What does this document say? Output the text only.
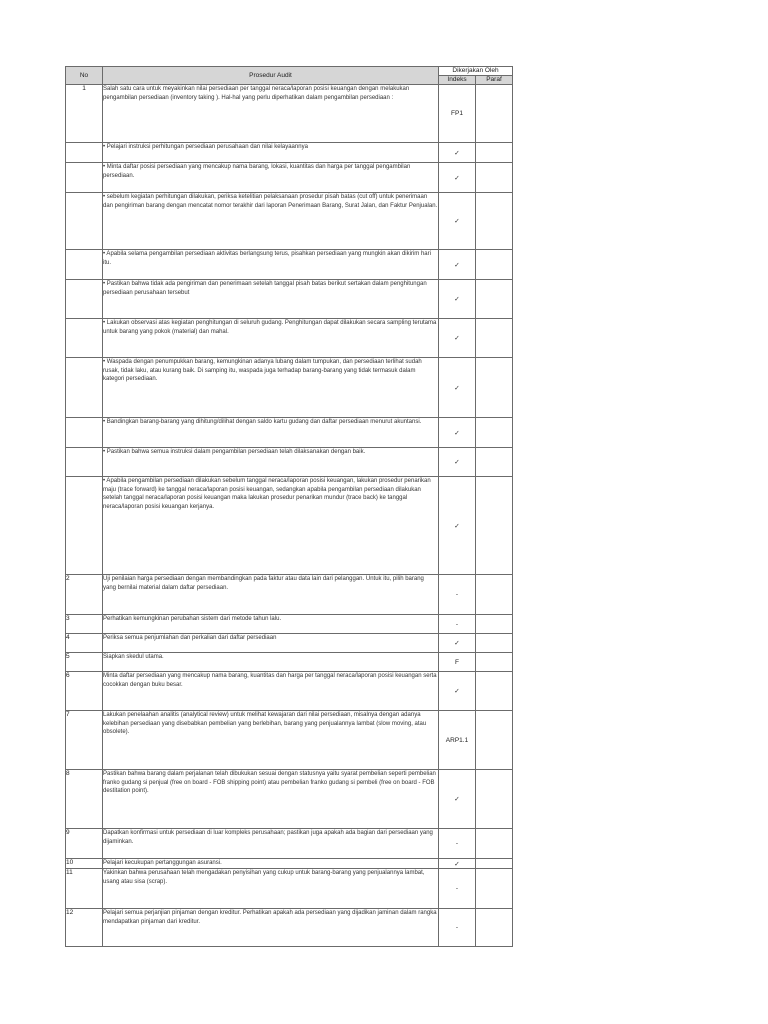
No	Prosedur Audit	Dikerjakan Oleh	
		Indeks	Paraf
1	Salah satu cara untuk meyakinkan nilai persediaan per tanggal neraca/laporan posisi keuangan dengan melakukan pengambilan persediaan (inventory taking ). Hal-hal yang perlu diperhatikan dalam pengambilan persediaan :	FP1	
	• Pelajari instruksi perhitungan persediaan perusahaan dan nilai kelayaannya	✓	
	• Minta daftar posisi persediaan yang mencakup nama barang, lokasi, kuantitas dan harga per tanggal pengambilan persediaan.	✓	
	• sebelum kegiatan perhitungan dilakukan, periksa ketelitian pelaksanaan prosedur pisah batas (cut off) untuk penerimaan dan pengiriman barang dengan mencatat nomor terakhir dari laporan Penerimaan Barang, Surat Jalan, dan Faktur Penjualan.	✓	
	• Apabila selama pengambilan persediaan aktivitas berlangsung terus, pisahkan persediaan yang mungkin akan dikirim hari itu.	✓	
	• Pastikan bahwa tidak ada pengiriman dan penerimaan setelah tanggal pisah batas berikut sertakan dalam penghitungan persediaan perusahaan tersebut	✓	
	• Lakukan observasi atas kegiatan penghitungan di seluruh gudang. Penghitungan dapat dilakukan secara sampling terutama untuk barang yang pokok (material) dan mahal.	✓	
	• Waspada dengan penumpukkan barang, kemungkinan adanya lubang dalam tumpukan, dan persediaan terlihat sudah rusak, tidak laku, atau kurang baik. Di samping itu, waspada juga terhadap barang-barang yang tidak termasuk dalam kategori persediaan.	✓	
	• Bandingkan barang-barang yang dihitung/dilihat dengan saldo kartu gudang dan daftar persediaan menurut akuntansi.	✓	
	• Pastikan bahwa semua instruksi dalam pengambilan persediaan telah dilaksanakan dengan baik.	✓	
	• Apabila pengambilan persediaan dilakukan sebelum tanggal neraca/laporan posisi keuangan, lakukan prosedur penarikan maju (trace forward) ke tanggal neraca/laporan posisi keuangan, sedangkan apabila pengambilan persediaan dilakukan setelah tanggal neraca/laporan posisi keuangan maka lakukan prosedur penarikan mundur (trace back) ke tanggal neraca/laporan posisi keuangan kerjanya.	✓	
2	Uji penilaian harga persediaan dengan membandingkan pada faktur atau data lain dari pelanggan. Untuk itu, pilih barang yang bernilai material dalam daftar persediaan.	-	
3	Perhatikan kemungkinan perubahan sistem dari metode tahun lalu.	-	
4	Periksa semua penjumlahan dan perkalian dari daftar persediaan	✓	
5	Siapkan skedul utama.	F	
6	Minta daftar persediaan yang mencakup nama barang, kuantitas dan harga per tanggal neraca/laporan posisi keuangan serta cocokkan dengan buku besar.	✓	
7	Lakukan penelaahan analitis (analytical review) untuk melihat kewajaran dari nilai persediaan, misalnya dengan adanya kelebihan persediaan yang disebabkan pembelian yang berlebihan, barang yang penjualannya lambat (slow moving, atau obsolete).	ARP1.1	
8	Pastikan bahwa barang dalam perjalanan telah dibukukan sesuai dengan statusnya yaitu syarat pembelian seperti pembelian franko gudang si penjual (free on board - FOB shipping point) atau pembelian franko gudang si pembeli (free on board - FOB destitation point).	✓	
9	Dapatkan konfirmasi untuk persediaan di luar kompleks perusahaan; pastikan juga apakah ada bagian dari persediaan yang dijaminkan.	-	
10	Pelajari kecukupan pertanggungan asuransi.	✓	
11	Yakinkan bahwa perusahaan telah mengadakan penyisihan yang cukup untuk barang-barang yang penjualannya lambat, usang atau sisa (scrap).	-	
12	Pelajari semua perjanjian pinjaman dengan kreditur. Perhatikan apakah ada persediaan yang dijadikan jaminan dalam rangka mendapatkan pinjaman dari kreditur.	-	
